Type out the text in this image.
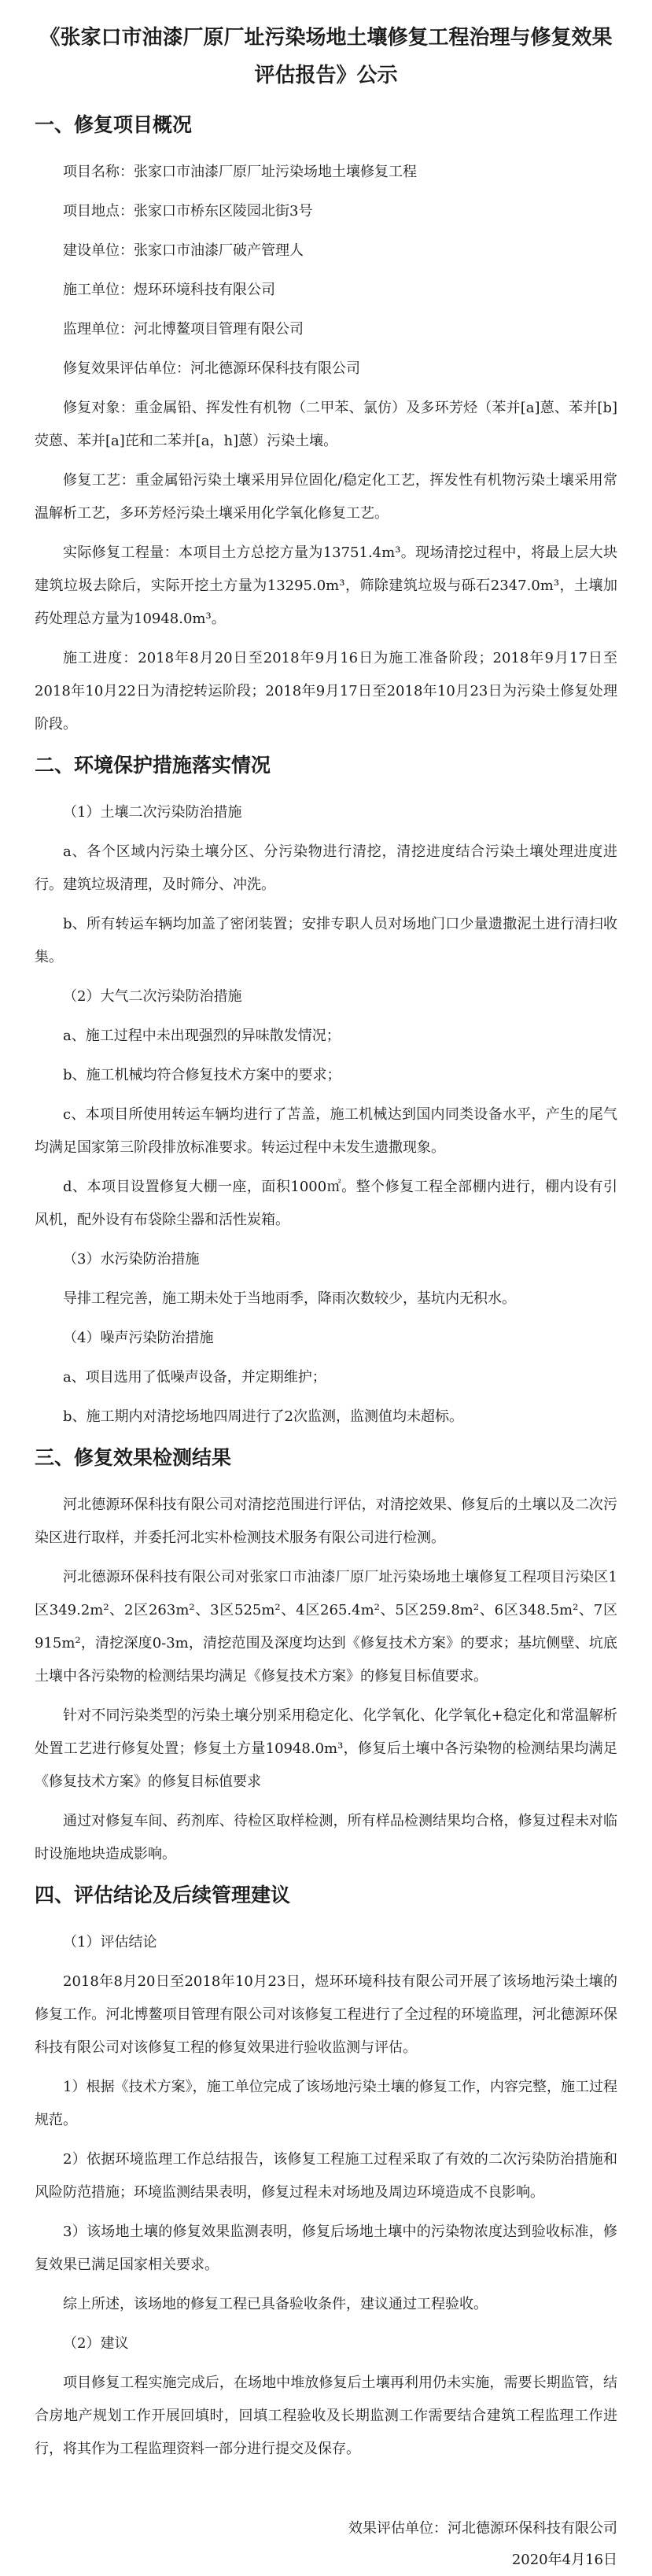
《张家口市油漆厂原厂址污染场地土壤修复工程治理与修复效果评估报告》公示
一、修复项目概况
项目名称：张家口市油漆厂原厂址污染场地土壤修复工程
项目地点：张家口市桥东区陵园北街3号
建设单位：张家口市油漆厂破产管理人
施工单位：煜环环境科技有限公司
监理单位：河北博鳌项目管理有限公司
修复效果评估单位：河北德源环保科技有限公司
修复对象：重金属铅、挥发性有机物（二甲苯、氯仿）及多环芳烃（苯并[a]蒽、苯并[b]荧蒽、苯并[a]芘和二苯并[a，h]蒽）污染土壤。
修复工艺：重金属铅污染土壤采用异位固化/稳定化工艺，挥发性有机物污染土壤采用常温解析工艺，多环芳烃污染土壤采用化学氧化修复工艺。
实际修复工程量：本项目土方总挖方量为13751.4m³。现场清挖过程中，将最上层大块建筑垃圾去除后，实际开挖土方量为13295.0m³，筛除建筑垃圾与砾石2347.0m³，土壤加药处理总方量为10948.0m³。
施工进度：2018年8月20日至2018年9月16日为施工准备阶段；2018年9月17日至2018年10月22日为清挖转运阶段；2018年9月17日至2018年10月23日为污染土修复处理阶段。
二、环境保护措施落实情况
（1）土壤二次污染防治措施
a、各个区域内污染土壤分区、分污染物进行清挖，清挖进度结合污染土壤处理进度进行。建筑垃圾清理，及时筛分、冲洗。
b、所有转运车辆均加盖了密闭装置；安排专职人员对场地门口少量遗撒泥土进行清扫收集。
（2）大气二次污染防治措施
a、施工过程中未出现强烈的异味散发情况；
b、施工机械均符合修复技术方案中的要求；
c、本项目所使用转运车辆均进行了苫盖，施工机械达到国内同类设备水平，产生的尾气均满足国家第三阶段排放标准要求。转运过程中未发生遗撒现象。
d、本项目设置修复大棚一座，面积1000㎡。整个修复工程全部棚内进行，棚内设有引风机，配外设有布袋除尘器和活性炭箱。
（3）水污染防治措施
导排工程完善，施工期未处于当地雨季，降雨次数较少，基坑内无积水。
（4）噪声污染防治措施
a、项目选用了低噪声设备，并定期维护；
b、施工期内对清挖场地四周进行了2次监测，监测值均未超标。
三、修复效果检测结果
河北德源环保科技有限公司对清挖范围进行评估，对清挖效果、修复后的土壤以及二次污染区进行取样，并委托河北实朴检测技术服务有限公司进行检测。
河北德源环保科技有限公司对张家口市油漆厂原厂址污染场地土壤修复工程项目污染区1区349.2m²、2区263m²、3区525m²、4区265.4m²、5区259.8m²、6区348.5m²、7区915m²，清挖深度0-3m，清挖范围及深度均达到《修复技术方案》的要求；基坑侧壁、坑底土壤中各污染物的检测结果均满足《修复技术方案》的修复目标值要求。
针对不同污染类型的污染土壤分别采用稳定化、化学氧化、化学氧化+稳定化和常温解析处置工艺进行修复处置；修复土方量10948.0m³，修复后土壤中各污染物的检测结果均满足《修复技术方案》的修复目标值要求
通过对修复车间、药剂库、待检区取样检测，所有样品检测结果均合格，修复过程未对临时设施地块造成影响。
四、评估结论及后续管理建议
（1）评估结论
2018年8月20日至2018年10月23日，煜环环境科技有限公司开展了该场地污染土壤的修复工作。河北博鳌项目管理有限公司对该修复工程进行了全过程的环境监理，河北德源环保科技有限公司对该修复工程的修复效果进行验收监测与评估。
1）根据《技术方案》，施工单位完成了该场地污染土壤的修复工作，内容完整，施工过程规范。
2）依据环境监理工作总结报告，该修复工程施工过程采取了有效的二次污染防治措施和风险防范措施；环境监测结果表明，修复过程未对场地及周边环境造成不良影响。
3）该场地土壤的修复效果监测表明，修复后场地土壤中的污染物浓度达到验收标准，修复效果已满足国家相关要求。
综上所述，该场地的修复工程已具备验收条件，建议通过工程验收。
（2）建议
项目修复工程实施完成后，在场地中堆放修复后土壤再利用仍未实施，需要长期监管，结合房地产规划工作开展回填时，回填工程验收及长期监测工作需要结合建筑工程监理工作进行，将其作为工程监理资料一部分进行提交及保存。
效果评估单位：河北德源环保科技有限公司
2020年4月16日
